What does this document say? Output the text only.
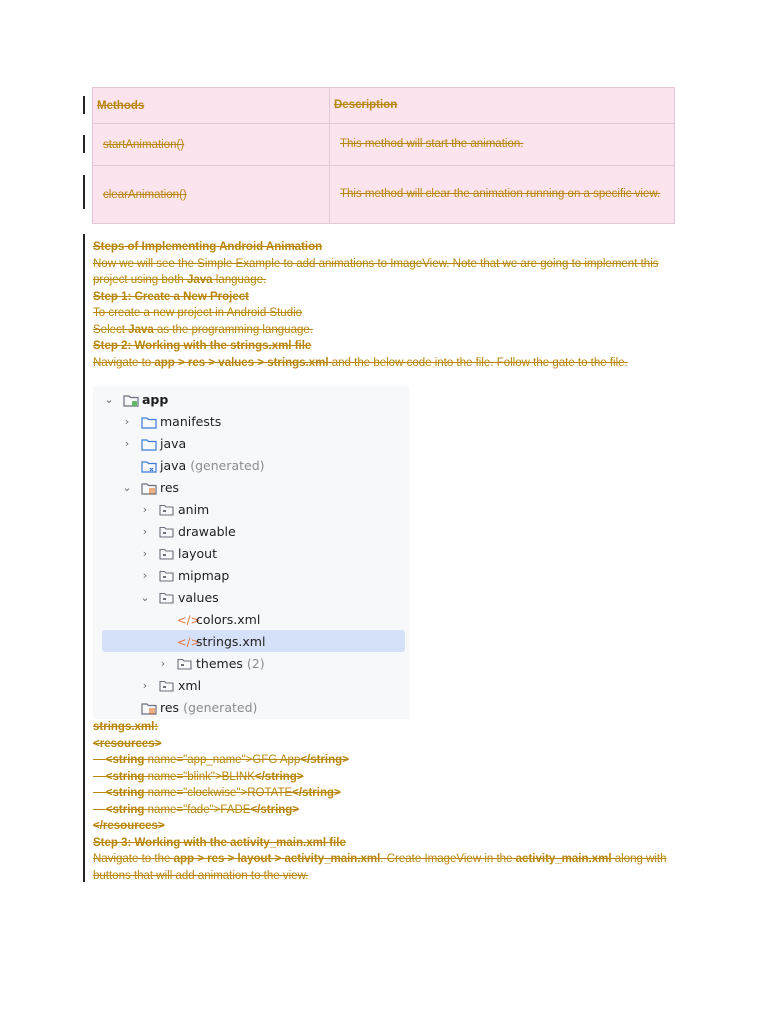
Methods	Description
startAnimation()	This method will start the animation.
clearAnimation()	This method will clear the animation running on a specific view.

Steps of Implementing Android Animation

Now we will see the Simple Example to add animations to ImageView. Note that we are going to implement this project using both Java language.

Step 1: Create a New Project

To create a new project in Android Studio

Select Java as the programming language.

Step 2: Working with the strings.xml file

Navigate to app > res > values > strings.xml and the below code into the file. Follow the gate to the file.

⌄ app
›	manifests
›	java
java (generated)
⌄ res
›	anim
›	drawable
›	layout
›	mipmap
⌄ values
</>
colors.xml
</>
strings.xml
›	themes (2)
›	xml
res (generated)

strings.xml:

<resources>

<string name="app_name">GFG App</string>

<string name="blink">BLINK</string>

<string name="clockwise">ROTATE</string>

<string name="fade">FADE</string>

</resources>

Step 3: Working with the activity_main.xml file

Navigate to the app > res > layout > activity_main.xml. Create ImageView in the activity_main.xml along with buttons that will add animation to the view.
